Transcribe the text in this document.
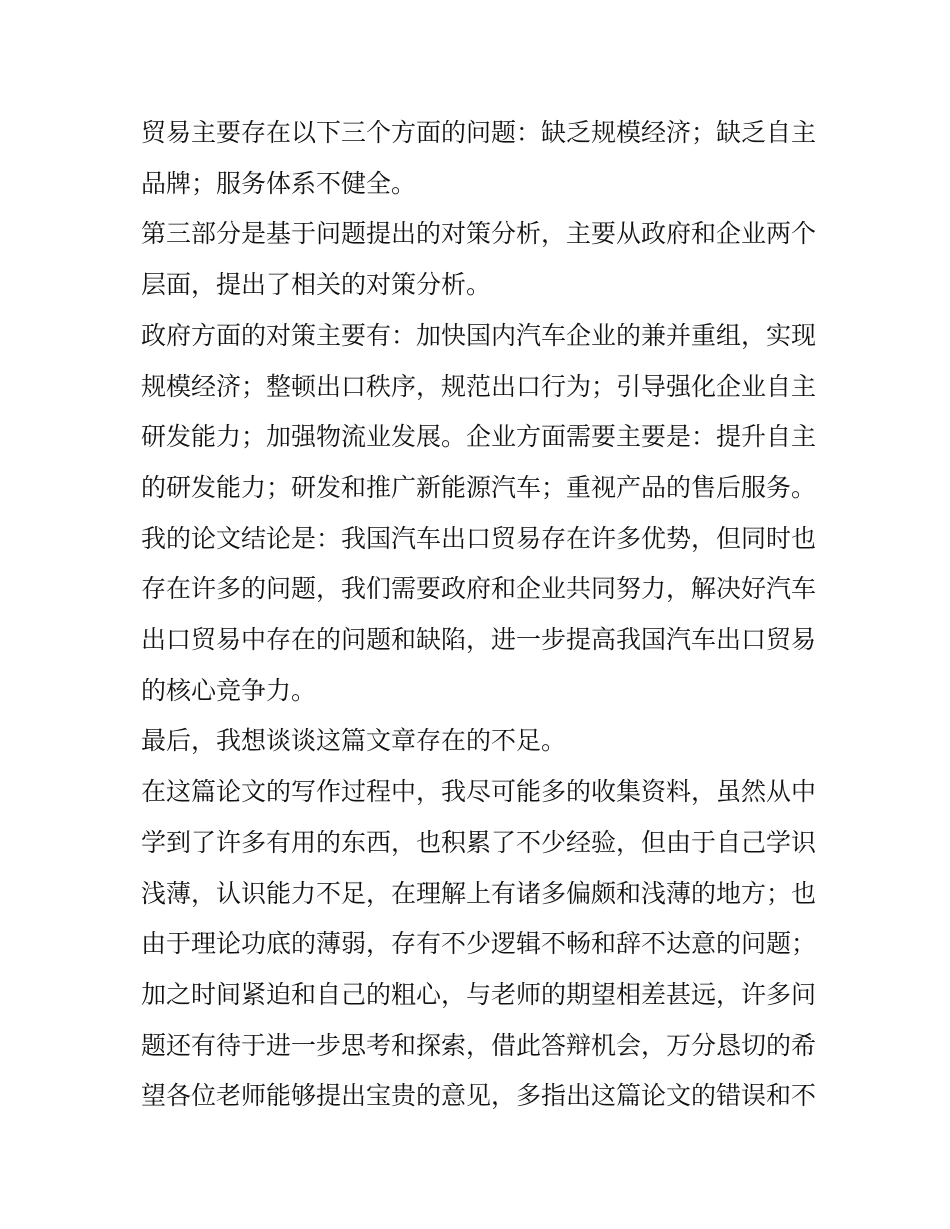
贸易主要存在以下三个方面的问题：缺乏规模经济；缺乏自主
品牌；服务体系不健全。
第三部分是基于问题提出的对策分析，主要从政府和企业两个
层面，提出了相关的对策分析。
政府方面的对策主要有：加快国内汽车企业的兼并重组，实现
规模经济；整顿出口秩序，规范出口行为；引导强化企业自主
研发能力；加强物流业发展。企业方面需要主要是：提升自主
的研发能力；研发和推广新能源汽车；重视产品的售后服务。
我的论文结论是：我国汽车出口贸易存在许多优势，但同时也
存在许多的问题，我们需要政府和企业共同努力，解决好汽车
出口贸易中存在的问题和缺陷，进一步提高我国汽车出口贸易
的核心竞争力。
最后，我想谈谈这篇文章存在的不足。
在这篇论文的写作过程中，我尽可能多的收集资料，虽然从中
学到了许多有用的东西，也积累了不少经验，但由于自己学识
浅薄，认识能力不足，在理解上有诸多偏颇和浅薄的地方；也
由于理论功底的薄弱，存有不少逻辑不畅和辞不达意的问题；
加之时间紧迫和自己的粗心，与老师的期望相差甚远，许多问
题还有待于进一步思考和探索，借此答辩机会，万分恳切的希
望各位老师能够提出宝贵的意见，多指出这篇论文的错误和不
